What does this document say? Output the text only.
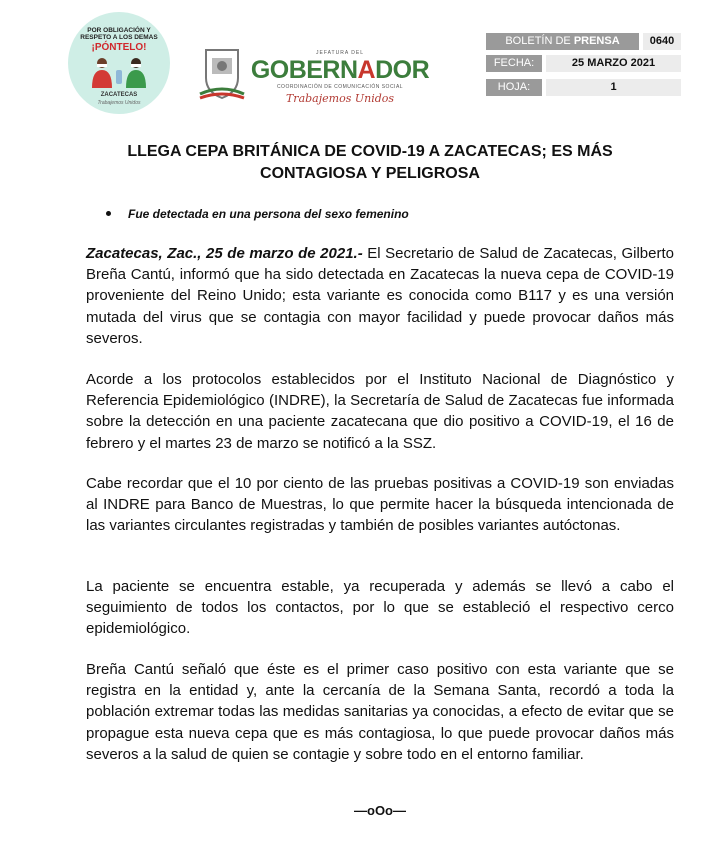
POR OBLIGACIÓN Y
RESPETO A LOS DEMAS
¡PÓNTELO!
ZACATECAS
Trabajemos Unidos
JEFATURA DEL
GOBERNADOR
COORDINACIÓN DE COMUNICACIÓN SOCIAL
Trabajemos Unidos
BOLETÍN DE PRENSA	0640
FECHA:	25 MARZO 2021
HOJA:	1
LLEGA CEPA BRITÁNICA DE COVID-19 A ZACATECAS; ES MÁS CONTAGIOSA Y PELIGROSA
Fue detectada en una persona del sexo femenino
Zacatecas, Zac., 25 de marzo de 2021.- El Secretario de Salud de Zacatecas, Gilberto Breña Cantú, informó que ha sido detectada en Zacatecas la nueva cepa de COVID-19 proveniente del Reino Unido; esta variante es conocida como B117 y es una versión mutada del virus que se contagia con mayor facilidad y puede provocar daños más severos.
Acorde a los protocolos establecidos por el Instituto Nacional de Diagnóstico y Referencia Epidemiológico (INDRE), la Secretaría de Salud de Zacatecas fue informada sobre la detección en una paciente zacatecana que dio positivo a COVID-19, el 16 de febrero y el martes 23 de marzo se notificó a la SSZ.
Cabe recordar que el 10 por ciento de las pruebas positivas a COVID-19 son enviadas al INDRE para Banco de Muestras, lo que permite hacer la búsqueda intencionada de las variantes circulantes registradas y también de posibles variantes autóctonas.
La paciente se encuentra estable, ya recuperada y además se llevó a cabo el seguimiento de todos los contactos, por lo que se estableció el respectivo cerco epidemiológico.
Breña Cantú señaló que éste es el primer caso positivo con esta variante que se registra en la entidad y, ante la cercanía de la Semana Santa, recordó a toda la población extremar todas las medidas sanitarias ya conocidas, a efecto de evitar que se propague esta nueva cepa que es más contagiosa, lo que puede provocar daños más severos a la salud de quien se contagie y sobre todo en el entorno familiar.
—oOo—
